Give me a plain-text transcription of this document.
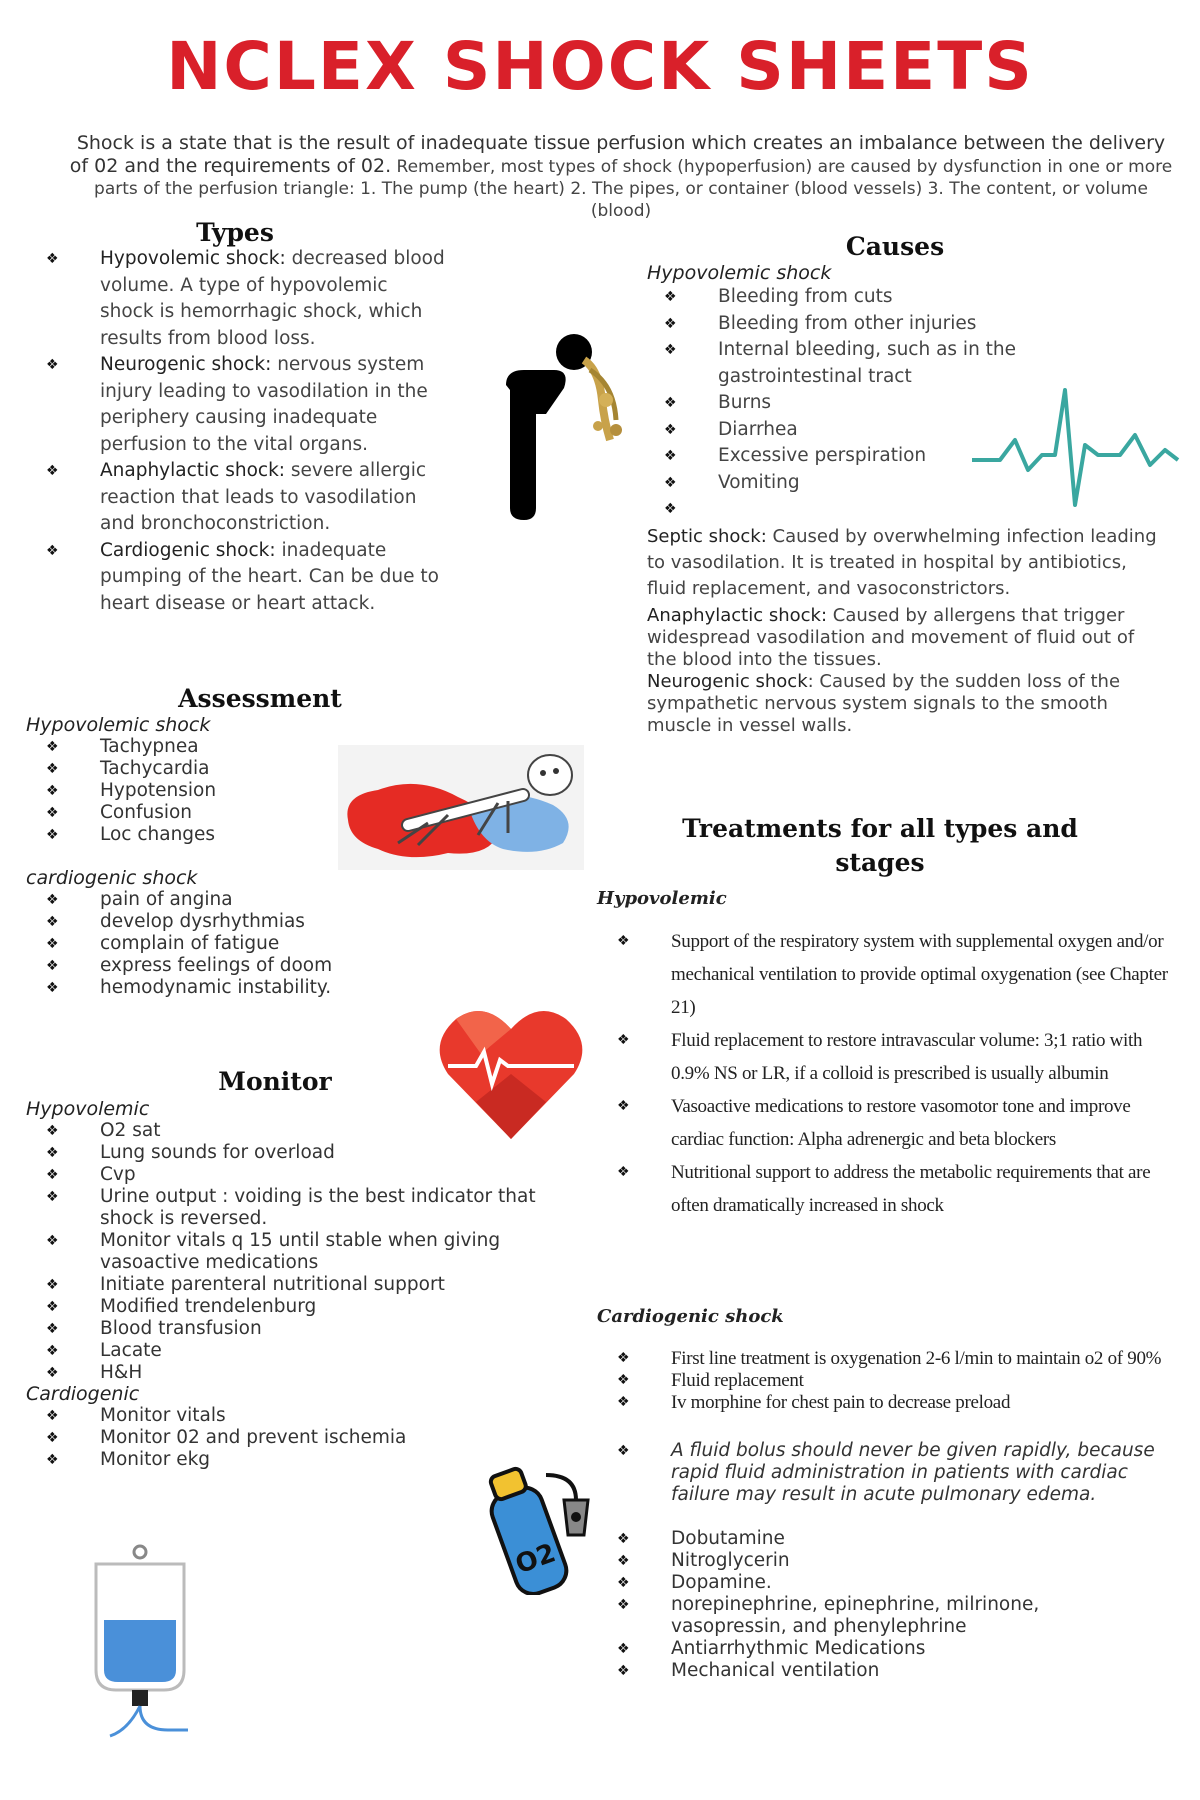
NCLEX SHOCK SHEETS
Shock is a state that is the result of inadequate tissue perfusion which creates an imbalance between the delivery of 02 and the requirements of 02. Remember, most types of shock (hypoperfusion) are caused by dysfunction in one or more parts of the perfusion triangle: 1. The pump (the heart) 2. The pipes, or container (blood vessels) 3. The content, or volume (blood)
Types
❖ Hypovolemic shock: decreased blood volume. A type of hypovolemic shock is hemorrhagic shock, which results from blood loss.
❖ Neurogenic shock: nervous system injury leading to vasodilation in the periphery causing inadequate perfusion to the vital organs.
❖ Anaphylactic shock: severe allergic reaction that leads to vasodilation and bronchoconstriction.
❖ Cardiogenic shock: inadequate pumping of the heart. Can be due to heart disease or heart attack.
Causes
Hypovolemic shock
❖ Bleeding from cuts
❖ Bleeding from other injuries
❖ Internal bleeding, such as in the gastrointestinal tract
❖ Burns
❖ Diarrhea
❖ Excessive perspiration
❖ Vomiting
❖
Septic shock: Caused by overwhelming infection leading to vasodilation. It is treated in hospital by antibiotics, fluid replacement, and vasoconstrictors.
Anaphylactic shock: Caused by allergens that trigger widespread vasodilation and movement of fluid out of the blood into the tissues.
Neurogenic shock: Caused by the sudden loss of the sympathetic nervous system signals to the smooth muscle in vessel walls.
Assessment
Hypovolemic shock
❖ Tachypnea
❖ Tachycardia
❖ Hypotension
❖ Confusion
❖ Loc changes
cardiogenic shock
❖ pain of angina
❖ develop dysrhythmias
❖ complain of fatigue
❖ express feelings of doom
❖ hemodynamic instability.
Monitor
Hypovolemic
❖ O2 sat
❖ Lung sounds for overload
❖ Cvp
❖ Urine output : voiding is the best indicator that shock is reversed.
❖ Monitor vitals q 15 until stable when giving vasoactive medications
❖ Initiate parenteral nutritional support
❖ Modified trendelenburg
❖ Blood transfusion
❖ Lacate
❖ H&H
Cardiogenic
❖ Monitor vitals
❖ Monitor 02 and prevent ischemia
❖ Monitor ekg
O2
Treatments for all types and
stages
Hypovolemic
❖ Support of the respiratory system with supplemental oxygen and/or mechanical ventilation to provide optimal oxygenation (see Chapter 21)
❖ Fluid replacement to restore intravascular volume: 3;1 ratio with 0.9% NS or LR, if a colloid is prescribed is usually albumin
❖ Vasoactive medications to restore vasomotor tone and improve cardiac function: Alpha adrenergic and beta blockers
❖ Nutritional support to address the metabolic requirements that are often dramatically increased in shock
Cardiogenic shock
❖ First line treatment is oxygenation 2-6 l/min to maintain o2 of 90%
❖ Fluid replacement
❖ Iv morphine for chest pain to decrease preload
❖ A fluid bolus should never be given rapidly, because rapid fluid administration in patients with cardiac failure may result in acute pulmonary edema.
❖ Dobutamine
❖ Nitroglycerin
❖ Dopamine.
❖ norepinephrine, epinephrine, milrinone, vasopressin, and phenylephrine
❖ Antiarrhythmic Medications
❖ Mechanical ventilation
